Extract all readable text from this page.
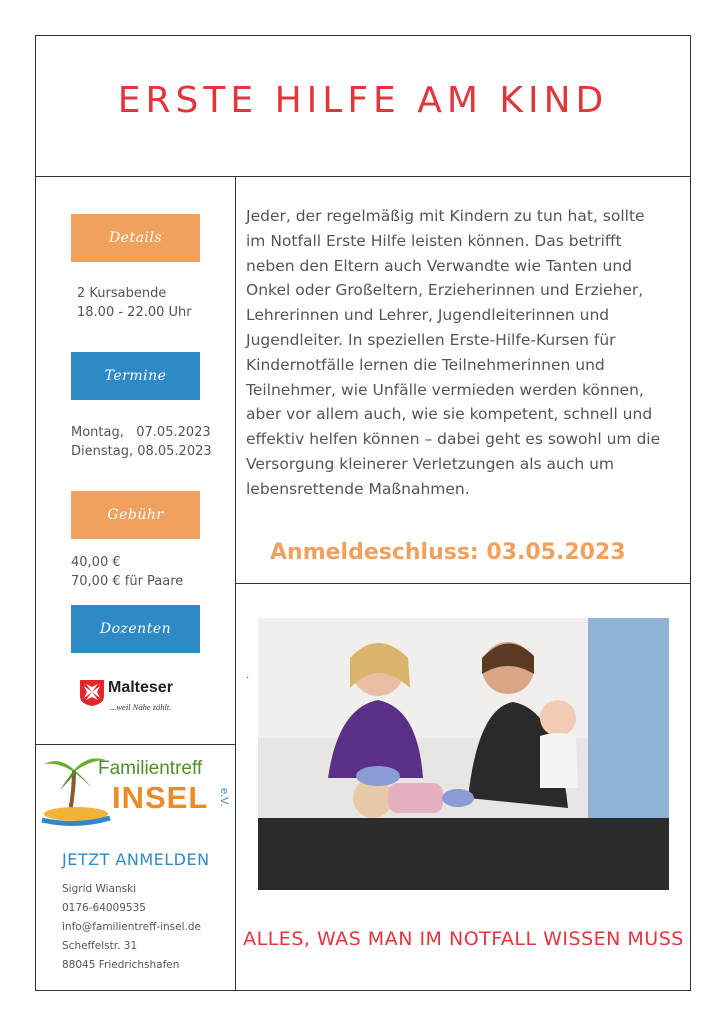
ERSTE HILFE AM KIND
Details
2 Kursabende
18.00 - 22.00 Uhr
Termine
Montag,   07.05.2023
Dienstag, 08.05.2023
Gebühr
40,00 €
70,00 € für Paare
Dozenten
Malteser
...weil Nähe zählt.
Familientreff
INSEL e.V.
JETZT ANMELDEN
Sigrid Wianski
0176-64009535
info@familientreff-insel.de
Scheffelstr. 31
88045 Friedrichshafen
Jeder, der regelmäßig mit Kindern zu tun hat, sollte im Notfall Erste Hilfe leisten können. Das betrifft neben den Eltern auch Verwandte wie Tanten und Onkel oder Großeltern, Erzieherinnen und Erzieher, Lehrerinnen und Lehrer, Jugendleiterinnen und Jugendleiter. In speziellen Erste-Hilfe-Kursen für Kindernotfälle lernen die Teilnehmerinnen und Teilnehmer, wie Unfälle vermieden werden können, aber vor allem auch, wie sie kompetent, schnell und effektiv helfen können – dabei geht es sowohl um die Versorgung kleinerer Verletzungen als auch um lebensrettende Maßnahmen.
Anmeldeschluss: 03.05.2023
.
ALLES, WAS MAN IM NOTFALL WISSEN MUSS
